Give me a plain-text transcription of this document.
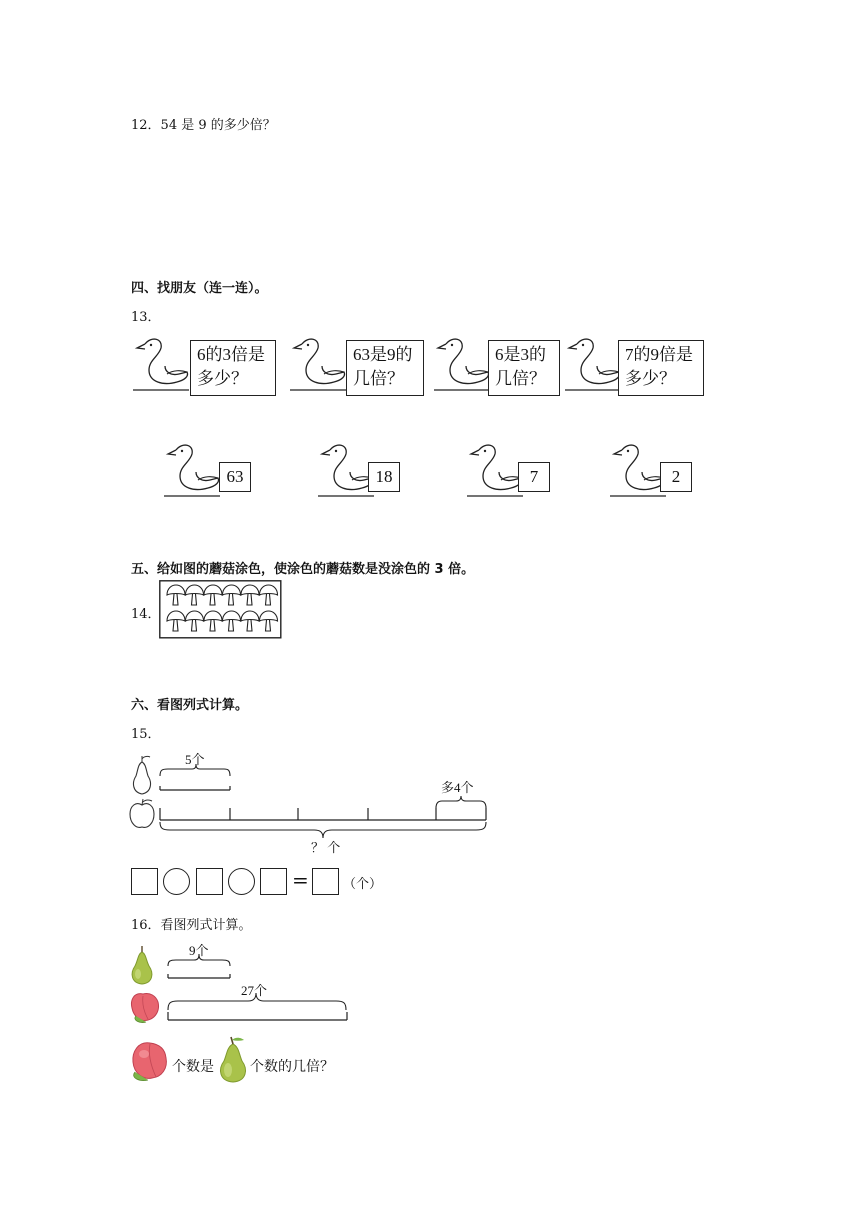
12．54 是 9 的多少倍？
四、找朋友（连一连）。
13．
6的3倍是
多少？
63是9的
几倍？
6是3的
几倍？
7的9倍是
多少？
63	18	7	2
五、给如图的蘑菇涂色，使涂色的蘑菇数是没涂色的 3 倍。
14．
六、看图列式计算。
15．
5个
多4个
？ 个
=	（个）
16．看图列式计算。
9个
27个
个数是	个数的几倍？
